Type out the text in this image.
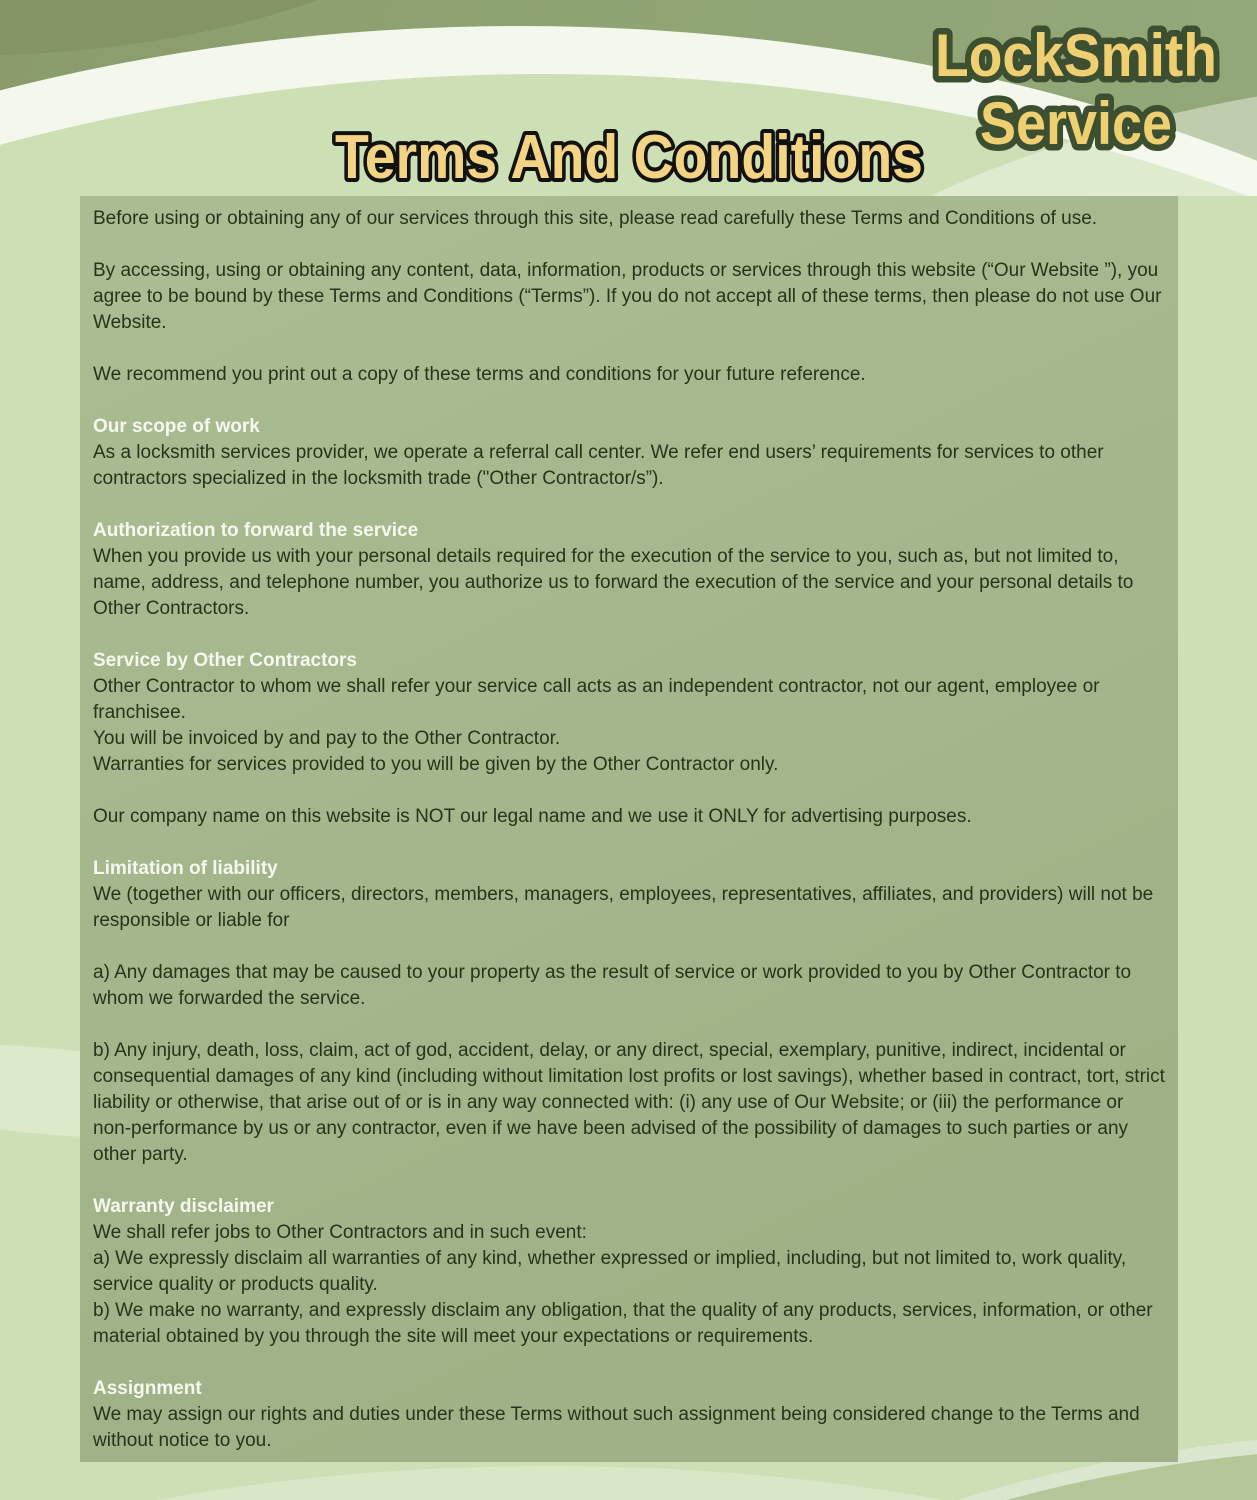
LockSmith
Service
Terms And Conditions
Before using or obtaining any of our services through this site, please read carefully these Terms and Conditions of use.
By accessing, using or obtaining any content, data, information, products or services through this website (“Our Website ”), you agree to be bound by these Terms and Conditions (“Terms”). If you do not accept all of these terms, then please do not use Our Website.
We recommend you print out a copy of these terms and conditions for your future reference.
Our scope of work
As a locksmith services provider, we operate a referral call center. We refer end users’ requirements for services to other contractors specialized in the locksmith trade ("Other Contractor/s”).
Authorization to forward the service
When you provide us with your personal details required for the execution of the service to you, such as, but not limited to, name, address, and telephone number, you authorize us to forward the execution of the service and your personal details to Other Contractors.
Service by Other Contractors
Other Contractor to whom we shall refer your service call acts as an independent contractor, not our agent, employee or franchisee.
You will be invoiced by and pay to the Other Contractor.
Warranties for services provided to you will be given by the Other Contractor only.
Our company name on this website is NOT our legal name and we use it ONLY for advertising purposes.
Limitation of liability
We (together with our officers, directors, members, managers, employees, representatives, affiliates, and providers) will not be responsible or liable for
a) Any damages that may be caused to your property as the result of service or work provided to you by Other Contractor to whom we forwarded the service.
b) Any injury, death, loss, claim, act of god, accident, delay, or any direct, special, exemplary, punitive, indirect, incidental or consequential damages of any kind (including without limitation lost profits or lost savings), whether based in contract, tort, strict liability or otherwise, that arise out of or is in any way connected with: (i) any use of Our Website; or (iii) the performance or non-performance by us or any contractor, even if we have been advised of the possibility of damages to such parties or any other party.
Warranty disclaimer
We shall refer jobs to Other Contractors and in such event:
a) We expressly disclaim all warranties of any kind, whether expressed or implied, including, but not limited to, work quality, service quality or products quality.
b) We make no warranty, and expressly disclaim any obligation, that the quality of any products, services, information, or other material obtained by you through the site will meet your expectations or requirements.
Assignment
We may assign our rights and duties under these Terms without such assignment being considered change to the Terms and without notice to you.
